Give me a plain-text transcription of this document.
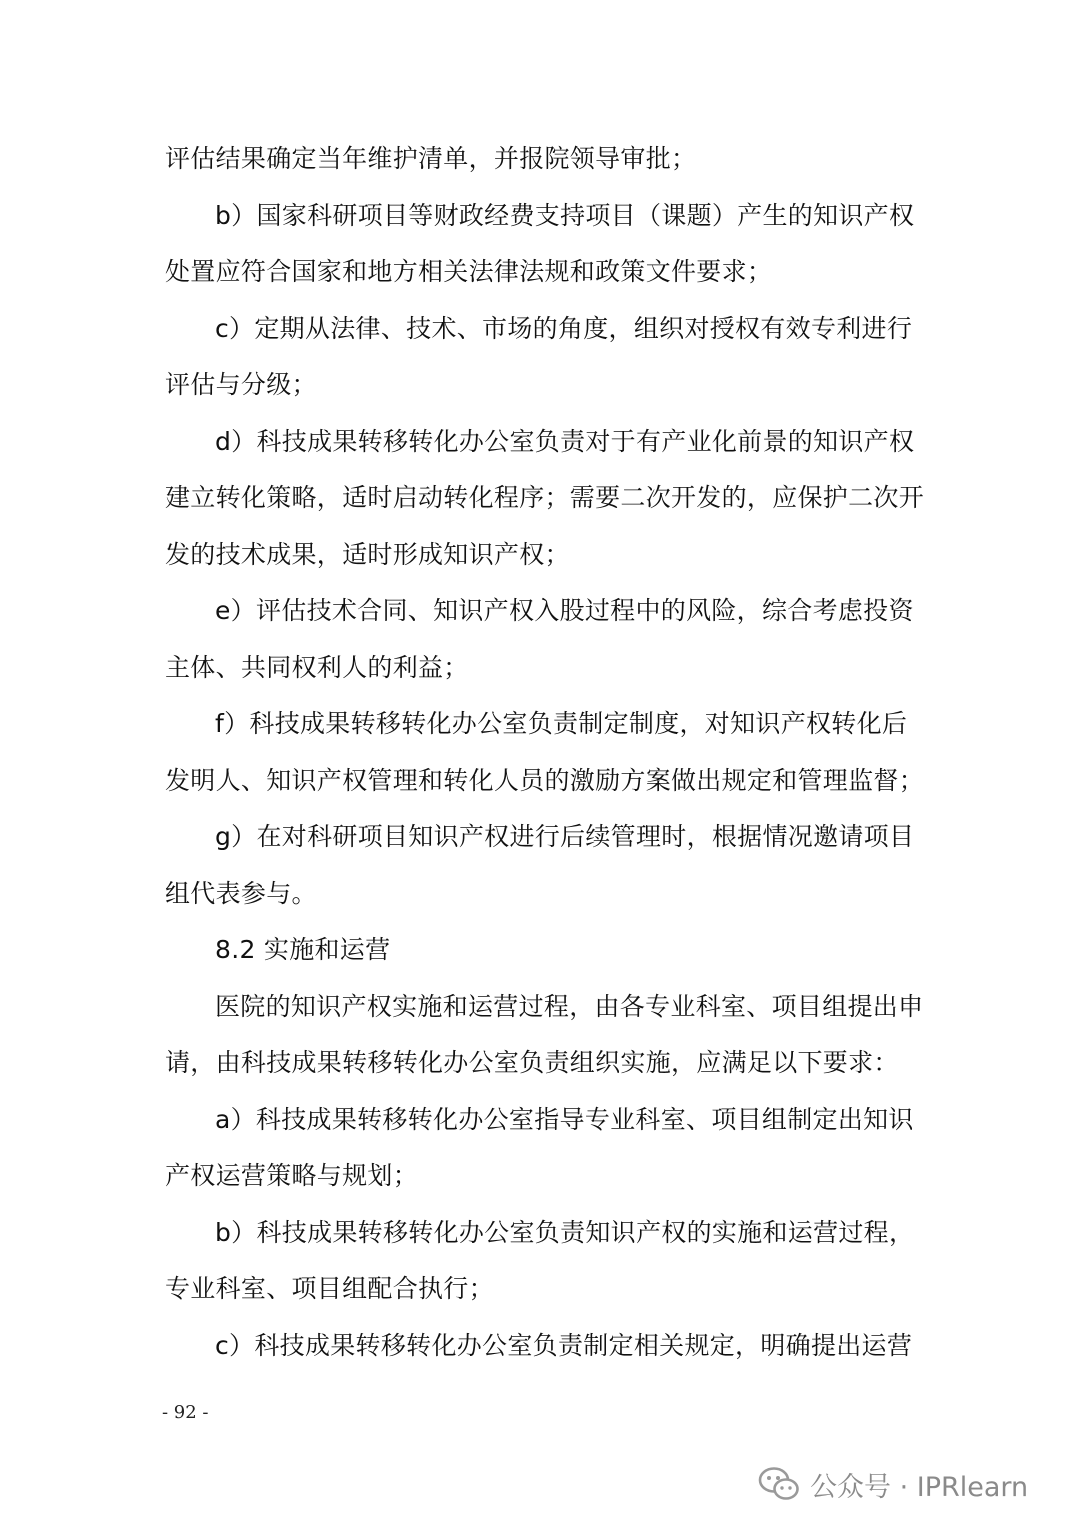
评估结果确定当年维护清单，并报院领导审批；
b）国家科研项目等财政经费支持项目（课题）产生的知识产权
处置应符合国家和地方相关法律法规和政策文件要求；
c）定期从法律、技术、市场的角度，组织对授权有效专利进行
评估与分级；
d）科技成果转移转化办公室负责对于有产业化前景的知识产权
建立转化策略，适时启动转化程序；需要二次开发的，应保护二次开
发的技术成果，适时形成知识产权；
e）评估技术合同、知识产权入股过程中的风险，综合考虑投资
主体、共同权利人的利益；
f）科技成果转移转化办公室负责制定制度，对知识产权转化后
发明人、知识产权管理和转化人员的激励方案做出规定和管理监督；
g）在对科研项目知识产权进行后续管理时，根据情况邀请项目
组代表参与。
8.2 实施和运营
医院的知识产权实施和运营过程，由各专业科室、项目组提出申
请，由科技成果转移转化办公室负责组织实施，应满足以下要求：
a）科技成果转移转化办公室指导专业科室、项目组制定出知识
产权运营策略与规划；
b）科技成果转移转化办公室负责知识产权的实施和运营过程，
专业科室、项目组配合执行；
c）科技成果转移转化办公室负责制定相关规定，明确提出运营
- 92 -
公众号 · IPRlearn
